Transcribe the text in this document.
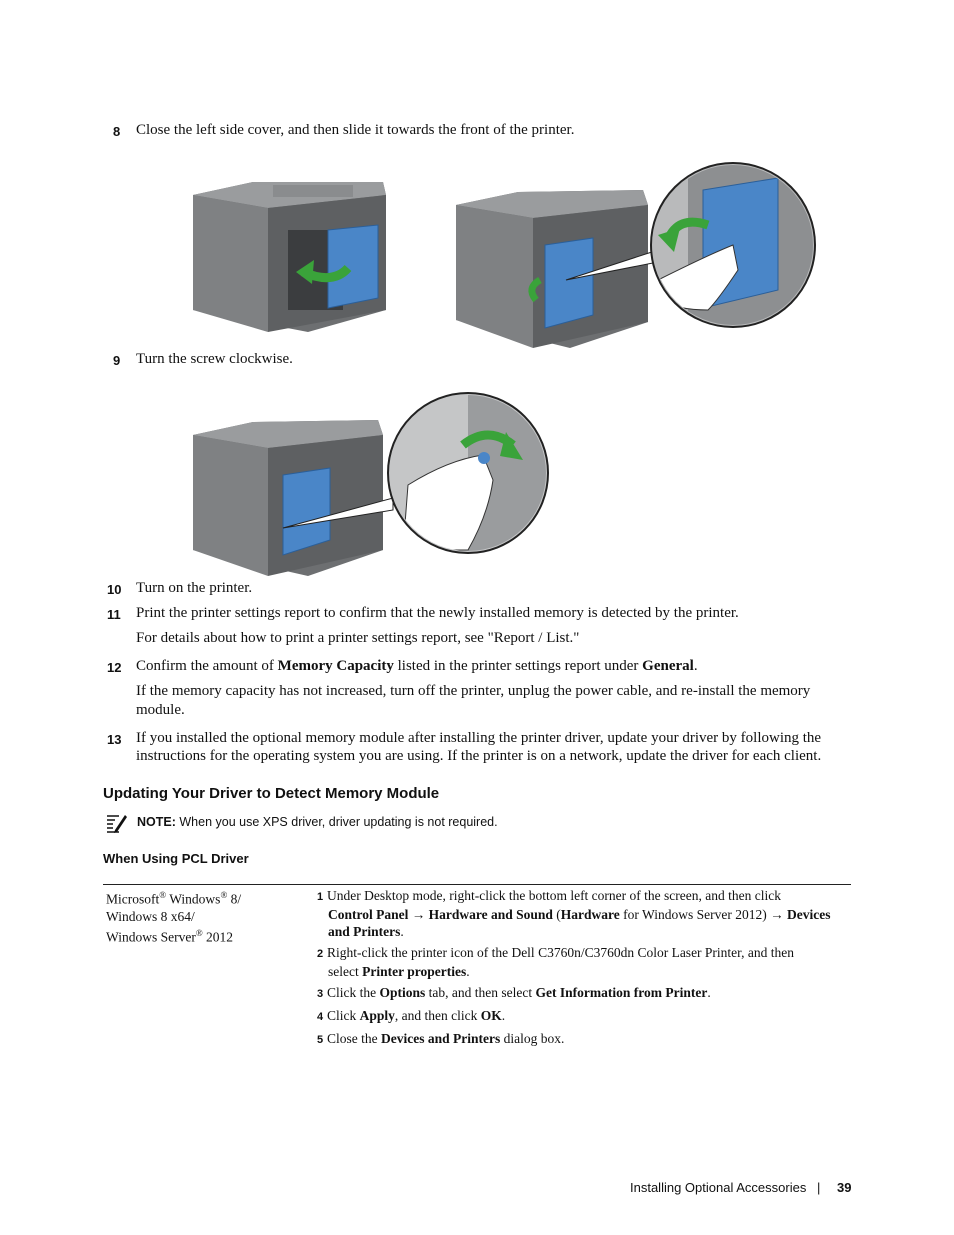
8 Close the left side cover, and then slide it towards the front of the printer.
9 Turn the screw clockwise.
10 Turn on the printer.
11 Print the printer settings report to confirm that the newly installed memory is detected by the printer.
For details about how to print a printer settings report, see "Report / List."
12 Confirm the amount of Memory Capacity listed in the printer settings report under General.
If the memory capacity has not increased, turn off the printer, unplug the power cable, and re-install the memory
module.
13 If you installed the optional memory module after installing the printer driver, update your driver by following the
instructions for the operating system you are using. If the printer is on a network, update the driver for each client.
Updating Your Driver to Detect Memory Module
NOTE: When you use XPS driver, driver updating is not required.
When Using PCL Driver
Microsoft® Windows® 8/
Windows 8 x64/
Windows Server® 2012
1 Under Desktop mode, right-click the bottom left corner of the screen, and then click
Control Panel → Hardware and Sound (Hardware for Windows Server 2012) → Devices
and Printers.
2 Right-click the printer icon of the Dell C3760n/C3760dn Color Laser Printer, and then
select Printer properties.
3 Click the Options tab, and then select Get Information from Printer.
4 Click Apply, and then click OK.
5 Close the Devices and Printers dialog box.
Installing Optional Accessories | 39
